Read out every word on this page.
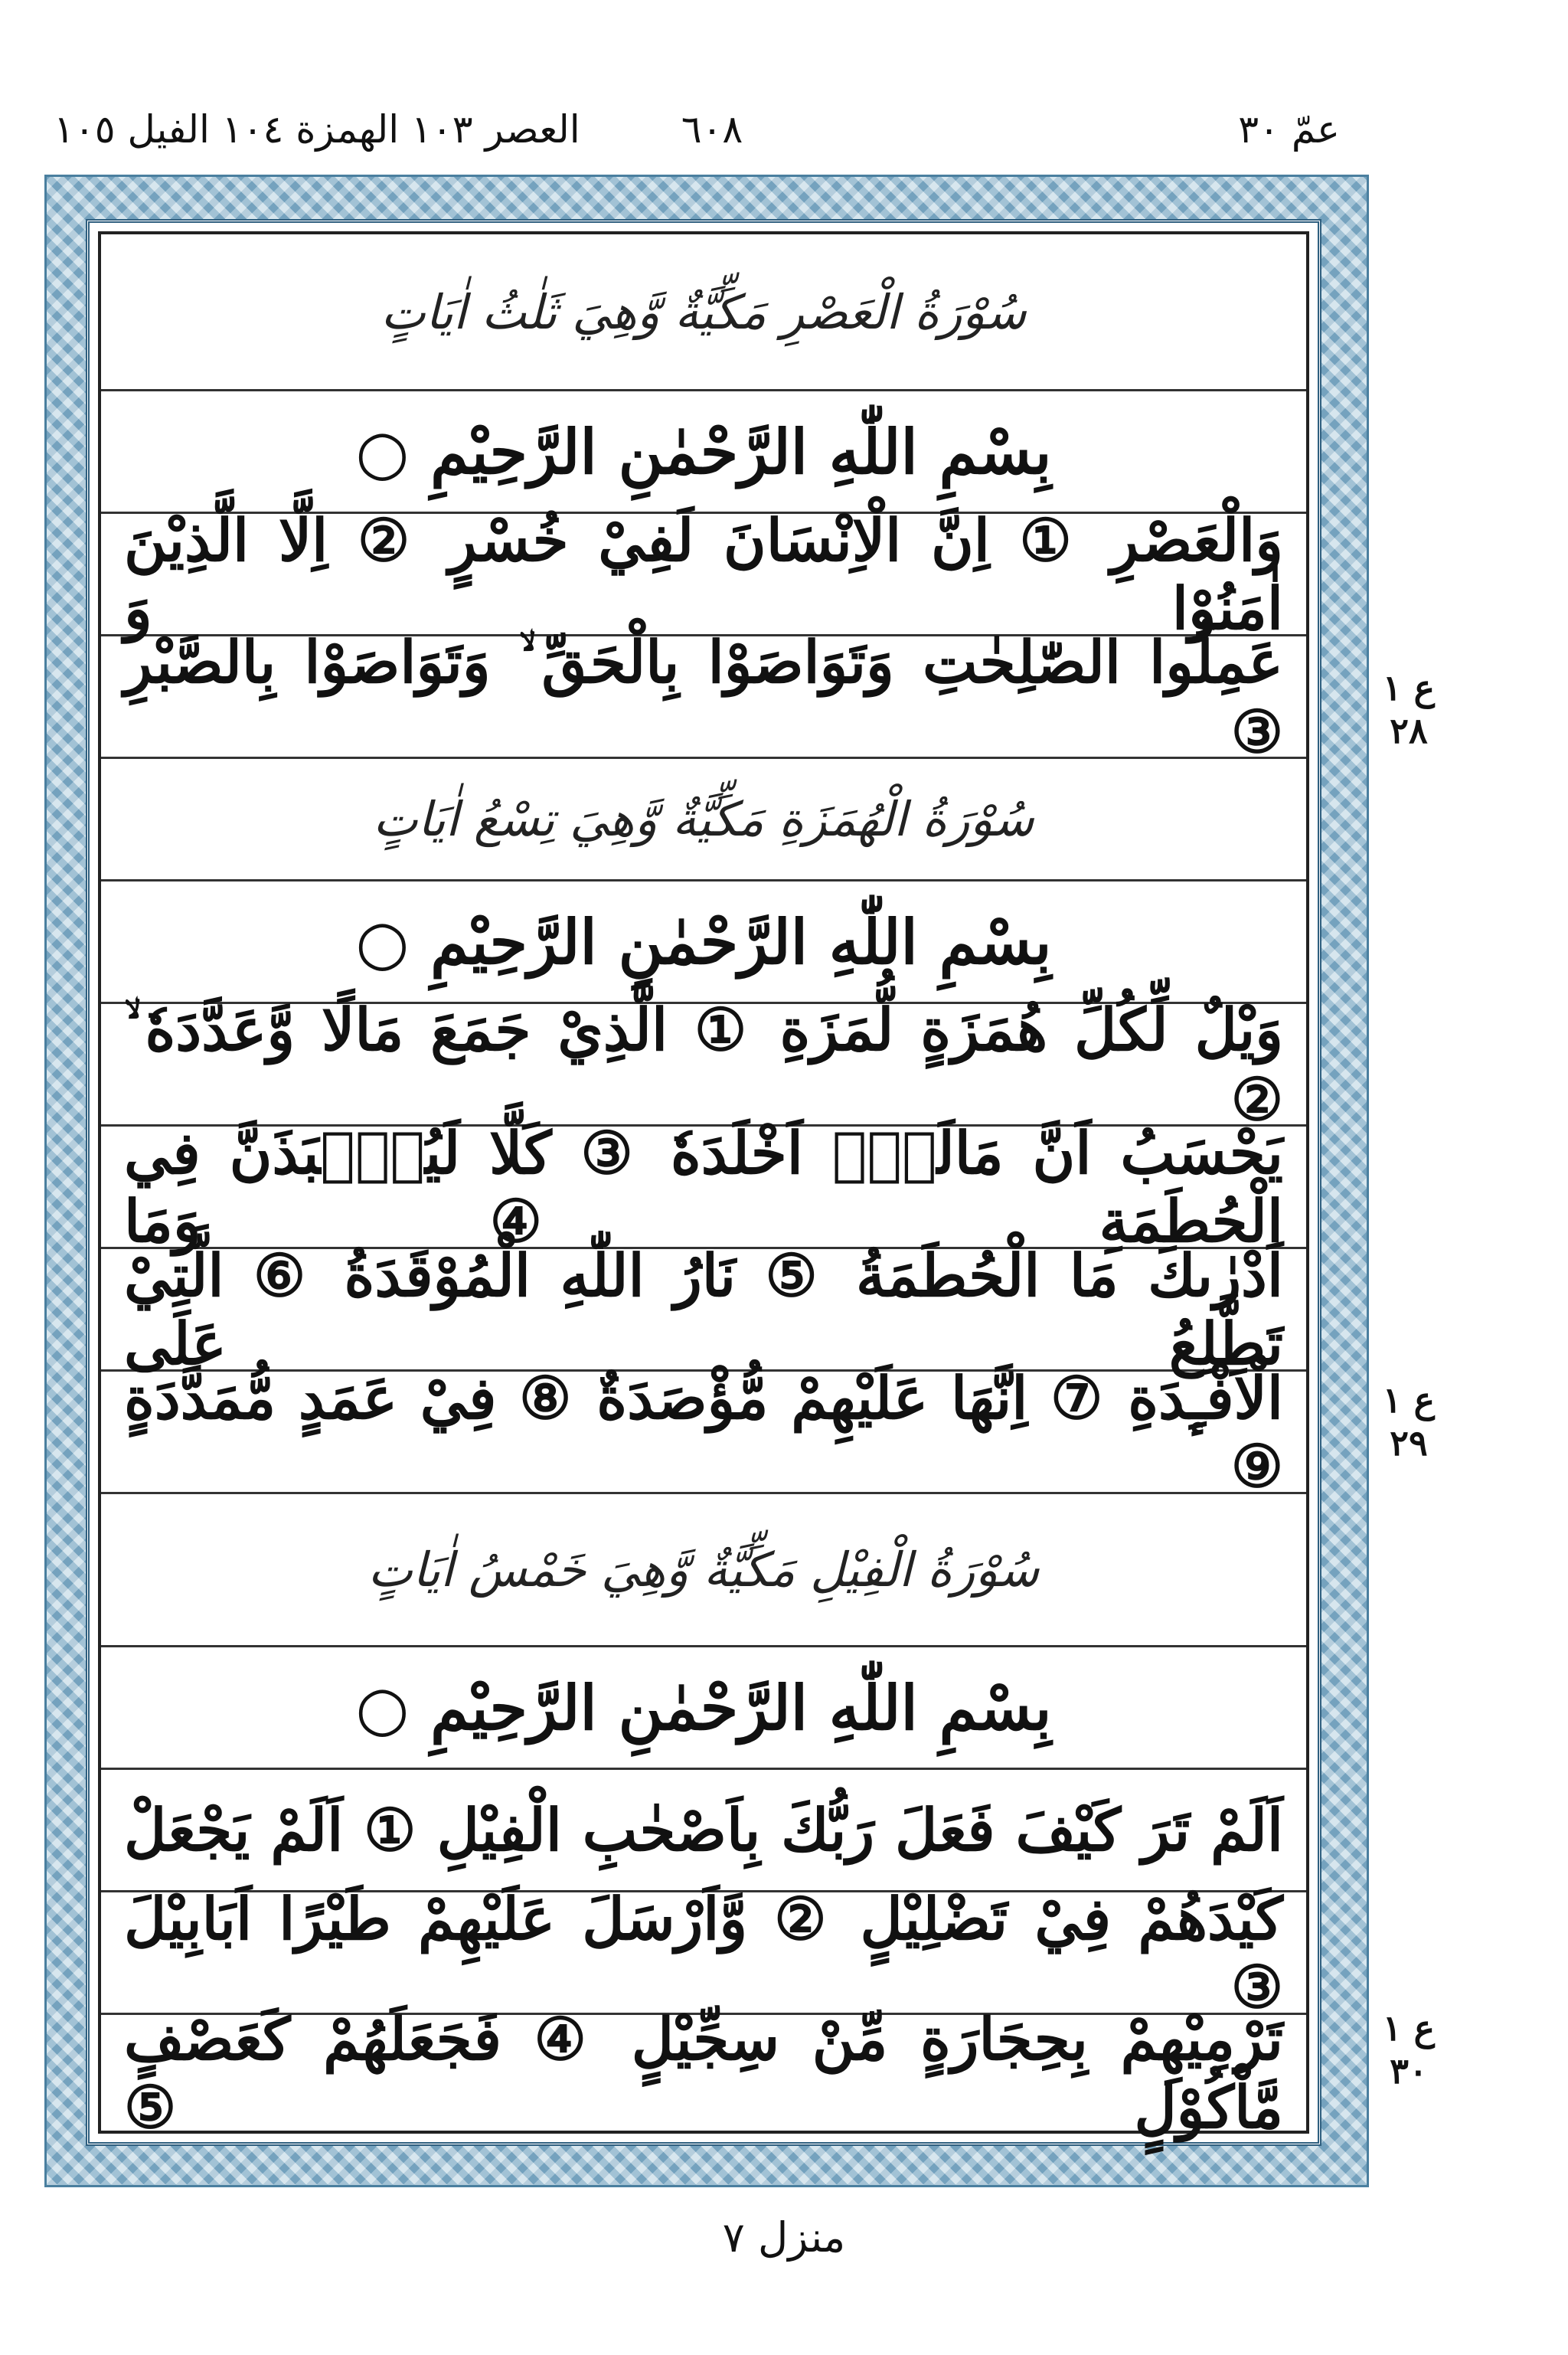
عمّ ٣٠
٦٠٨
العصر ١٠٣ الهمزة ١٠٤ الفيل ١٠٥
سُوْرَةُ الْعَصْرِ مَكِّيَّةٌ وَّهِيَ ثَلٰثُ اٰيَاتٍ
بِسْمِ اللّٰهِ الرَّحْمٰنِ الرَّحِيْمِ ○
وَالْعَصْرِ ① اِنَّ الْاِنْسَانَ لَفِيْ خُسْرٍ ② اِلَّا الَّذِيْنَ اٰمَنُوْا وَ
عَمِلُوا الصّٰلِحٰتِ وَتَوَاصَوْا بِالْحَقِّ ۙ وَتَوَاصَوْا بِالصَّبْرِ ③
سُوْرَةُ الْهُمَزَةِ مَكِّيَّةٌ وَّهِيَ تِسْعُ اٰيَاتٍ
بِسْمِ اللّٰهِ الرَّحْمٰنِ الرَّحِيْمِ ○
وَيْلٌ لِّكُلِّ هُمَزَةٍ لُّمَزَةِ ① الَّذِيْ جَمَعَ مَالًا وَّعَدَّدَهٗ ۙ ②
يَحْسَبُ اَنَّ مَالَهٗۤ اَخْلَدَهٗ ③ كَلَّا لَيُنْۢبَذَنَّ فِي الْحُطَمَةِ ④ وَمَا
اَدْرٰىكَ مَا الْحُطَمَةُ ⑤ نَارُ اللّٰهِ الْمُوْقَدَةُ ⑥ الَّتِيْ تَطَّلِعُ عَلَى
الْاَفْـِٕدَةِ ⑦ اِنَّهَا عَلَيْهِمْ مُّؤْصَدَةٌ ⑧ فِيْ عَمَدٍ مُّمَدَّدَةٍ ⑨
سُوْرَةُ الْفِيْلِ مَكِّيَّةٌ وَّهِيَ خَمْسُ اٰيَاتٍ
بِسْمِ اللّٰهِ الرَّحْمٰنِ الرَّحِيْمِ ○
اَلَمْ تَرَ كَيْفَ فَعَلَ رَبُّكَ بِاَصْحٰبِ الْفِيْلِ ① اَلَمْ يَجْعَلْ
كَيْدَهُمْ فِيْ تَضْلِيْلٍ ② وَّاَرْسَلَ عَلَيْهِمْ طَيْرًا اَبَابِيْلَ ③
تَرْمِيْهِمْ بِحِجَارَةٍ مِّنْ سِجِّيْلٍ ④ فَجَعَلَهُمْ كَعَصْفٍ مَّاْكُوْلٍ ⑤
ع ١
٢٨
ع ١
٢٩
ع ١
٣٠
منزل ٧
